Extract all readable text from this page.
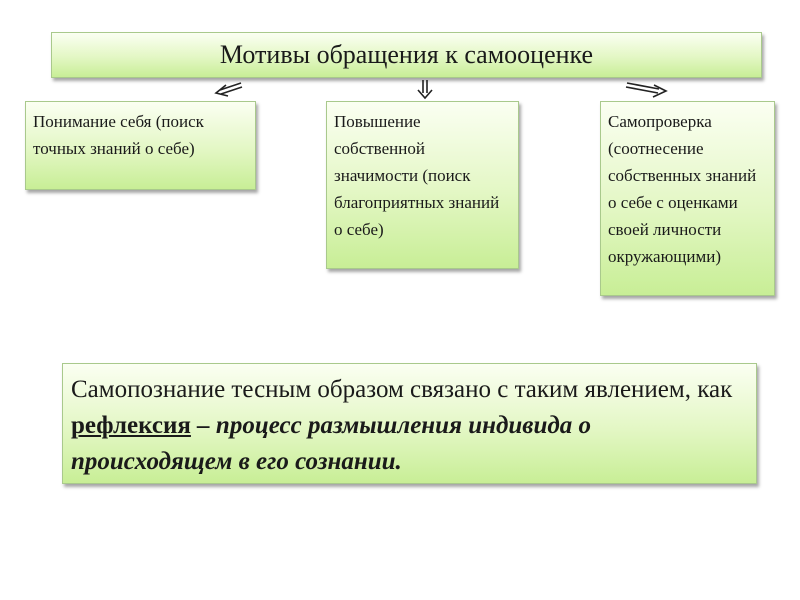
Мотивы обращения к самооценке
Понимание себя (поиск точных знаний о себе)
Повышение собственной значимости (поиск благоприятных знаний о себе)
Самопроверка (соотнесение собственных знаний о себе с оценками своей личности окружающими)
Самопознание тесным образом связано с таким явлением, как рефлексия – процесс размышления индивида о происходящем в его сознании.
